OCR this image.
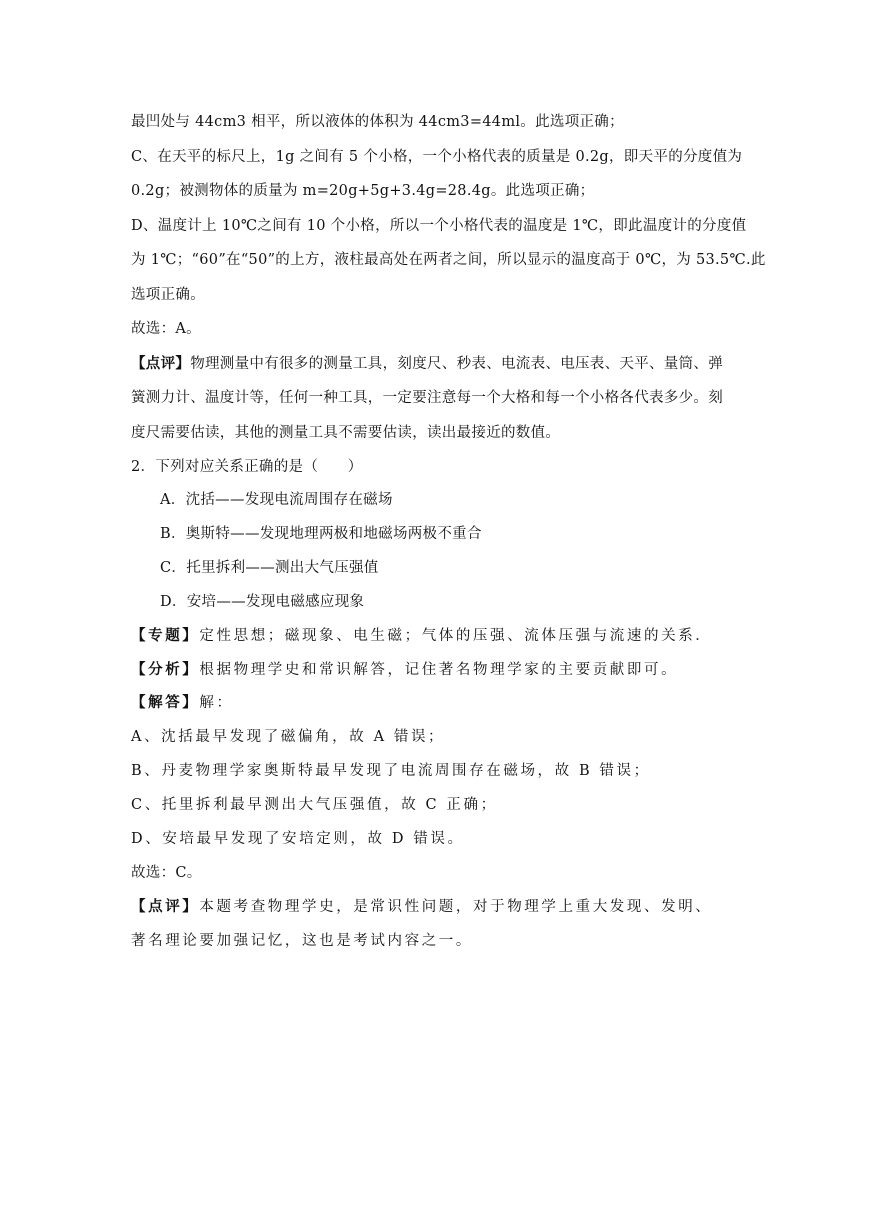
最凹处与 44cm3 相平，所以液体的体积为 44cm3=44ml。此选项正确；
C、在天平的标尺上，1g 之间有 5 个小格，一个小格代表的质量是 0.2g，即天平的分度值为
0.2g；被测物体的质量为 m=20g+5g+3.4g=28.4g。此选项正确；
D、温度计上 10℃之间有 10 个小格，所以一个小格代表的温度是 1℃，即此温度计的分度值
为 1℃；“60”在“50”的上方，液柱最高处在两者之间，所以显示的温度高于 0℃，为 53.5℃.此
选项正确。
故选：A。
【点评】物理测量中有很多的测量工具，刻度尺、秒表、电流表、电压表、天平、量筒、弹
簧测力计、温度计等，任何一种工具，一定要注意每一个大格和每一个小格各代表多少。刻
度尺需要估读，其他的测量工具不需要估读，读出最接近的数值。
2．下列对应关系正确的是（　　）
A．沈括——发现电流周围存在磁场
B．奥斯特——发现地理两极和地磁场两极不重合
C．托里拆利——测出大气压强值
D．安培——发现电磁感应现象
【专题】定性思想；磁现象、电生磁；气体的压强、流体压强与流速的关系．
【分析】根据物理学史和常识解答，记住著名物理学家的主要贡献即可。
【解答】解：
A、沈括最早发现了磁偏角，故 A 错误；
B、丹麦物理学家奥斯特最早发现了电流周围存在磁场，故 B 错误；
C、托里拆利最早测出大气压强值，故 C 正确；
D、安培最早发现了安培定则，故 D 错误。
故选：C。
【点评】本题考查物理学史，是常识性问题，对于物理学上重大发现、发明、
著名理论要加强记忆，这也是考试内容之一。
